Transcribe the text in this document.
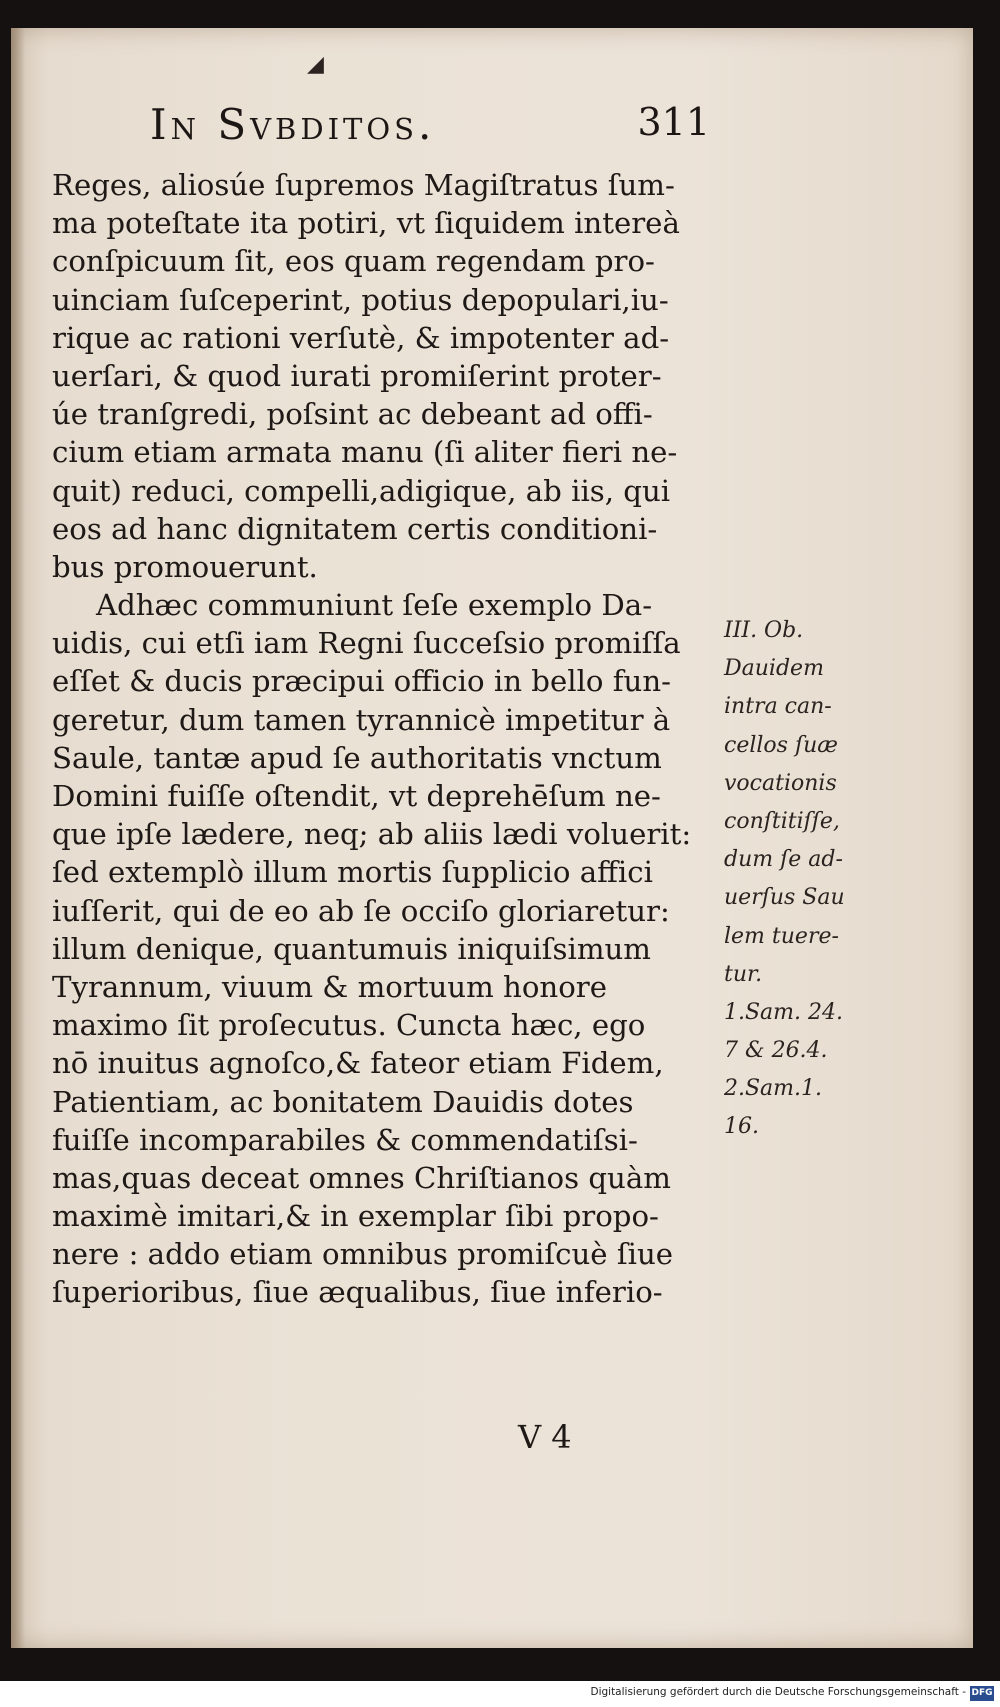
◢
In Svbditos.	311
Reges, aliosúe ſupremos Magiſtratus ſum-
ma poteſtate ita potiri, vt ſiquidem intereà
conſpicuum ſit, eos quam regendam pro-
uinciam ſuſceperint, potius depopulari,iu-
rique ac rationi verſutè, & impotenter ad-
uerſari, & quod iurati promiſerint proter-
úe tranſgredi, poſsint ac debeant ad offi-
cium etiam armata manu (ſi aliter fieri ne-
quit) reduci, compelli,adigique, ab iis, qui
eos ad hanc dignitatem certis conditioni-
bus promouerunt.
Adhæc communiunt ſeſe exemplo Da-
uidis, cui etſi iam Regni ſucceſsio promiſſa
eſſet & ducis præcipui officio in bello fun-
geretur, dum tamen tyrannicè impetitur à
Saule, tantæ apud ſe authoritatis vnctum
Domini fuiſſe oſtendit, vt deprehēſum ne-
que ipſe lædere, neq; ab aliis lædi voluerit:
ſed extemplò illum mortis ſupplicio affici
iuſſerit, qui de eo ab ſe occiſo gloriaretur:
illum denique, quantumuis iniquiſsimum
Tyrannum, viuum & mortuum honore
maximo ſit proſecutus. Cuncta hæc, ego
nō inuitus agnoſco,& fateor etiam Fidem,
Patientiam, ac bonitatem Dauidis dotes
fuiſſe incomparabiles & commendatiſsi-
mas,quas deceat omnes Chriſtianos quàm
maximè imitari,& in exemplar ſibi propo-
nere : addo etiam omnibus promiſcuè ſiue
ſuperioribus, ſiue æqualibus, ſiue inferio-
III. Ob.
Dauidem
intra can-
cellos ſuæ
vocationis
conſtitiſſe,
dum ſe ad-
uerſus Sau
lem tuere-
tur.
1.Sam. 24.
7 & 26.4.
2.Sam.1.
16.
V 4
Digitalisierung gefördert durch die Deutsche Forschungsgemeinschaft - DFG
